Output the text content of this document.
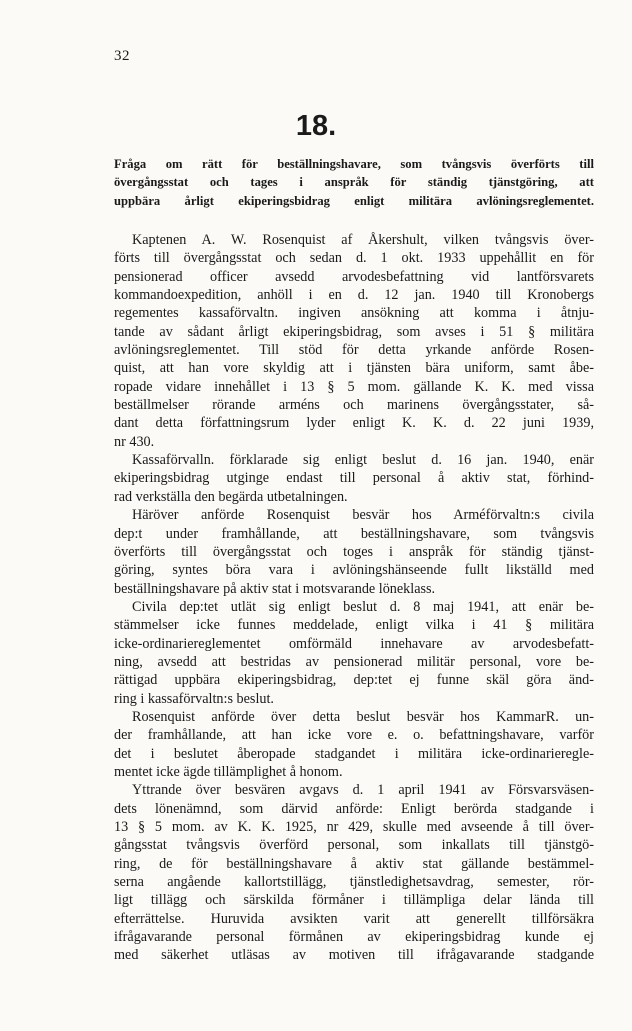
32
18.
Fråga om rätt för beställningshavare, som tvångsvis överförts till
övergångsstat och tages i anspråk för ständig tjänstgöring, att
uppbära årligt ekiperingsbidrag enligt militära avlöningsreglementet.
Kaptenen A. W. Rosenquist af Åkershult, vilken tvångsvis över-
förts till övergångsstat och sedan d. 1 okt. 1933 uppehållit en för
pensionerad officer avsedd arvodesbefattning vid lantförsvarets
kommandoexpedition, anhöll i en d. 12 jan. 1940 till Kronobergs
regementes kassaförvaltn. ingiven ansökning att komma i åtnju-
tande av sådant årligt ekiperingsbidrag, som avses i 51 § militära
avlöningsreglementet. Till stöd för detta yrkande anförde Rosen-
quist, att han vore skyldig att i tjänsten bära uniform, samt åbe-
ropade vidare innehållet i 13 § 5 mom. gällande K. K. med vissa
beställmelser rörande arméns och marinens övergångsstater, så-
dant detta författningsrum lyder enligt K. K. d. 22 juni 1939,
nr 430.
Kassaförvalln. förklarade sig enligt beslut d. 16 jan. 1940, enär
ekiperingsbidrag utginge endast till personal å aktiv stat, förhind-
rad verkställa den begärda utbetalningen.
Häröver anförde Rosenquist besvär hos Arméförvaltn:s civila
dep:t under framhållande, att beställningshavare, som tvångsvis
överförts till övergångsstat och toges i anspråk för ständig tjänst-
göring, syntes böra vara i avlöningshänseende fullt likställd med
beställningshavare på aktiv stat i motsvarande löneklass.
Civila dep:tet utlät sig enligt beslut d. 8 maj 1941, att enär be-
stämmelser icke funnes meddelade, enligt vilka i 41 § militära
icke-ordinariereglementet omförmäld innehavare av arvodesbefatt-
ning, avsedd att bestridas av pensionerad militär personal, vore be-
rättigad uppbära ekiperingsbidrag, dep:tet ej funne skäl göra änd-
ring i kassaförvaltn:s beslut.
Rosenquist anförde över detta beslut besvär hos KammarR. un-
der framhållande, att han icke vore e. o. befattningshavare, varför
det i beslutet åberopade stadgandet i militära icke-ordinariereglе-
mentet icke ägde tillämplighet å honom.
Yttrande över besvären avgavs d. 1 april 1941 av Försvarsväsen-
dets lönenämnd, som därvid anförde: Enligt berörda stadgande i
13 § 5 mom. av K. K. 1925, nr 429, skulle med avseende å till över-
gångsstat tvångsvis överförd personal, som inkallats till tjänstgö-
ring, de för beställningshavare å aktiv stat gällande bestämmel-
serna angående kallortstillägg, tjänstledighetsavdrag, semester, rör-
ligt tillägg och särskilda förmåner i tillämpliga delar lända till
efterrättelse. Huruvida avsikten varit att generellt tillförsäkra
ifrågavarande personal förmånen av ekiperingsbidrag kunde ej
med säkerhet utläsas av motiven till ifrågavarande stadgande
